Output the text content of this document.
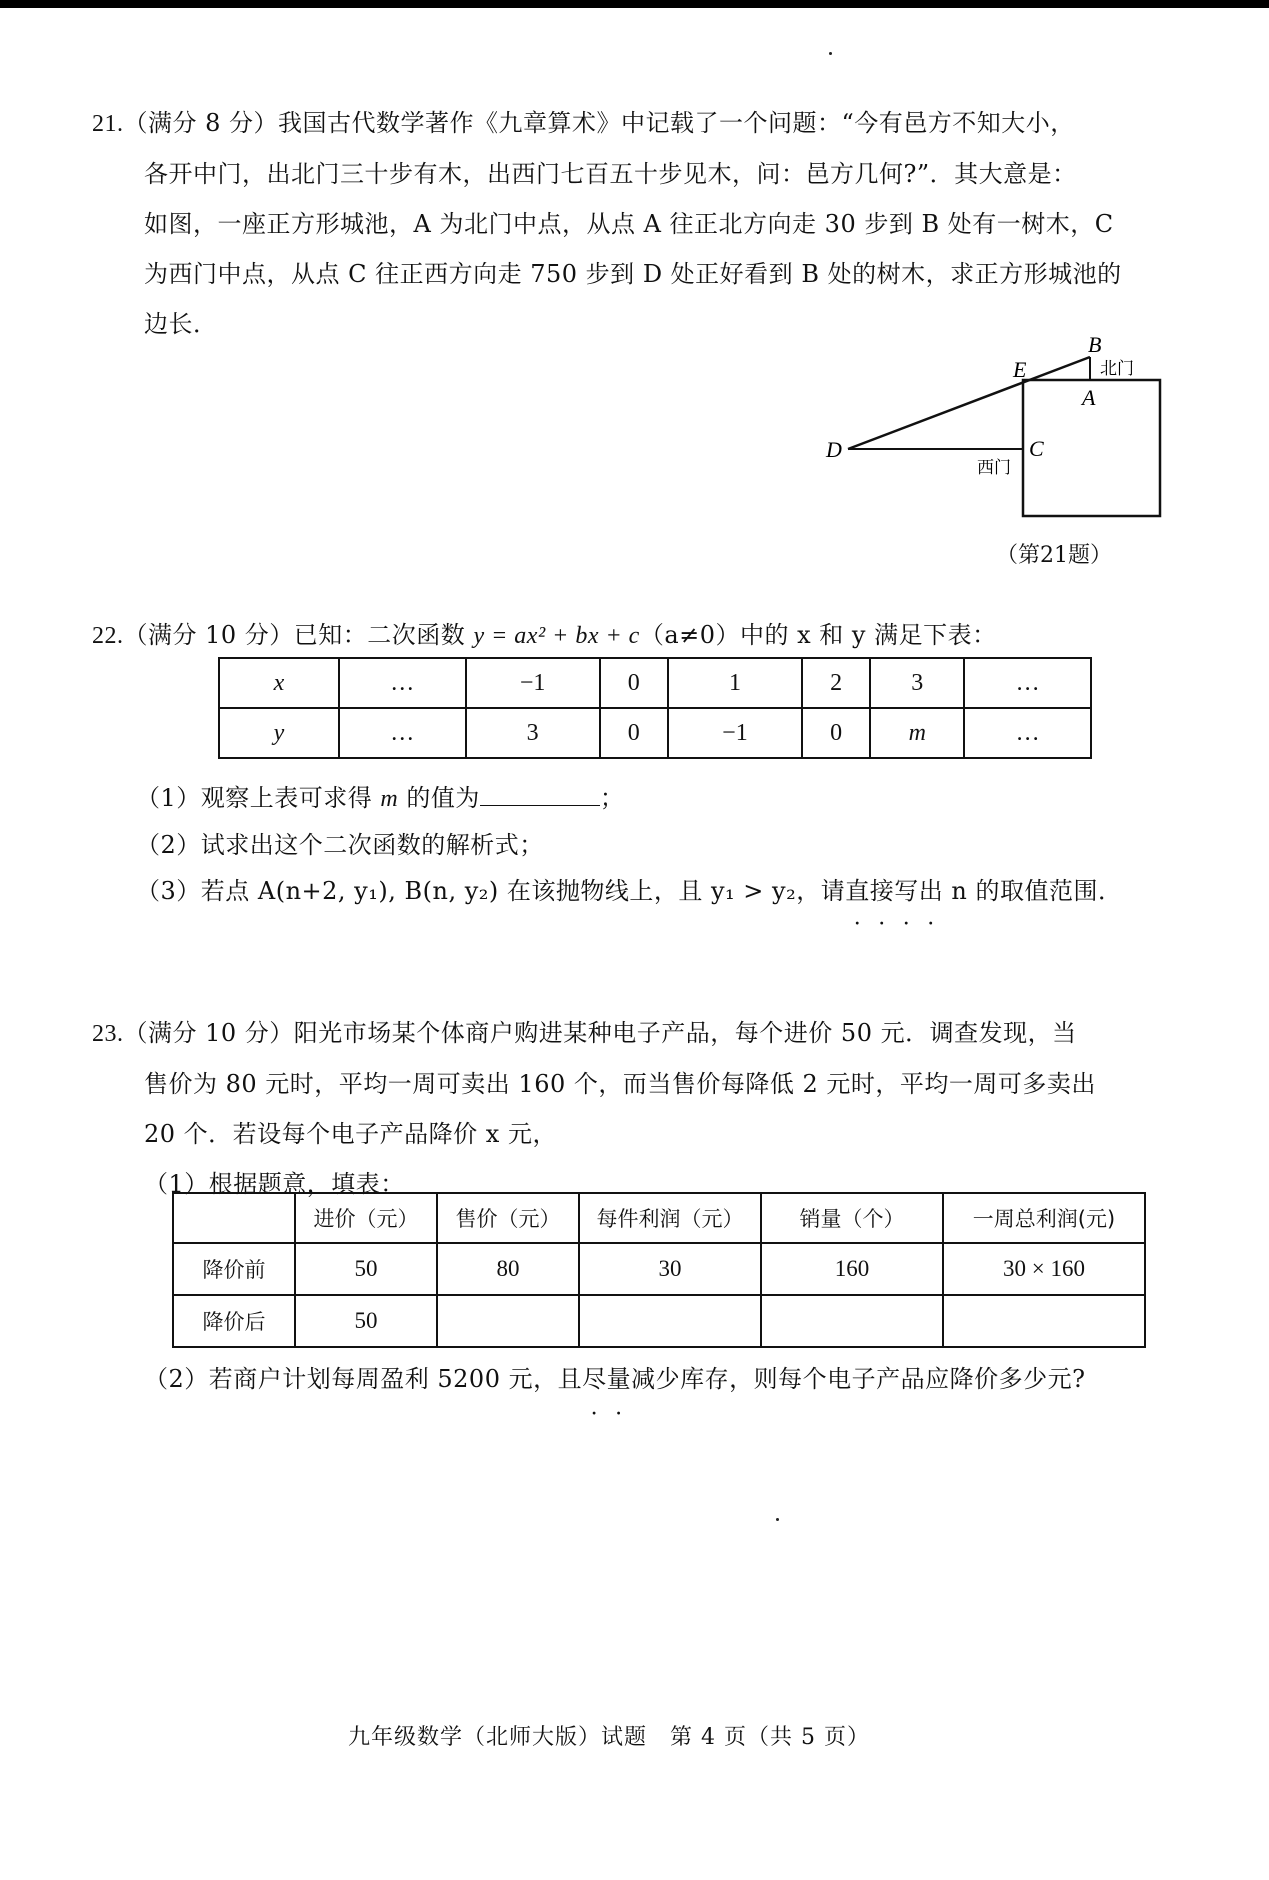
21.（满分 8 分）我国古代数学著作《九章算术》中记载了一个问题：“今有邑方不知大小，
各开中门，出北门三十步有木，出西门七百五十步见木，问：邑方几何?”．其大意是：
如图，一座正方形城池，A 为北门中点，从点 A 往正北方向走 30 步到 B 处有一树木，C
为西门中点，从点 C 往正西方向走 750 步到 D 处正好看到 B 处的树木，求正方形城池的
边长．
B
E
A
C
D
北门
西门
（第21题）
22.（满分 10 分）已知：二次函数 y = ax² + bx + c（a≠0）中的 x 和 y 满足下表：
x	…	−1	0	1	2	3	…
y	…	3	0	−1	0	m	…
（1）观察上表可求得 m 的值为	；
（2）试求出这个二次函数的解析式；
（3）若点 A(n+2, y₁), B(n, y₂) 在该抛物线上，且 y₁ > y₂，请直接写出 n 的取值范围．
23.（满分 10 分）阳光市场某个体商户购进某种电子产品，每个进价 50 元．调查发现，当
售价为 80 元时，平均一周可卖出 160 个，而当售价每降低 2 元时，平均一周可多卖出
20 个．若设每个电子产品降价 x 元，
（1）根据题意，填表：
	进价（元）	售价（元）	每件利润（元）	销量（个）	一周总利润(元)
降价前	50	80	30	160	30 × 160
降价后	50				
（2）若商户计划每周盈利 5200 元，且尽量减少库存，则每个电子产品应降价多少元?
九年级数学（北师大版）试题　第 4 页（共 5 页）
